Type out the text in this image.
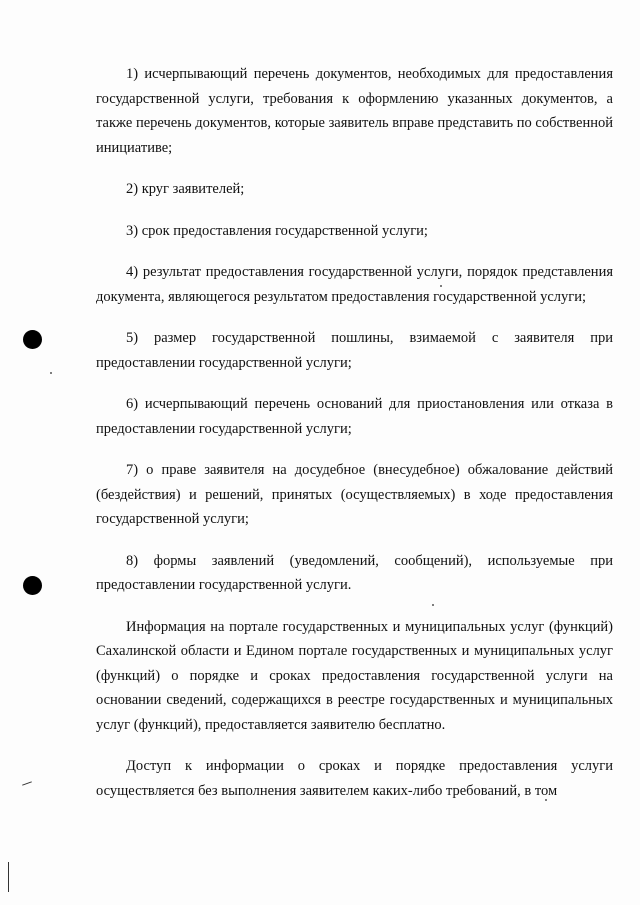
1) исчерпывающий перечень документов, необходимых для предоставления государственной услуги, требования к оформлению указанных документов, а также перечень документов, которые заявитель вправе представить по собственной инициативе;

2) круг заявителей;

3) срок предоставления государственной услуги;

4) результат предоставления государственной услуги, порядок представления документа, являющегося результатом предоставления государственной услуги;

5) размер государственной пошлины, взимаемой с заявителя при предоставлении государственной услуги;

6) исчерпывающий перечень оснований для приостановления или отказа в предоставлении государственной услуги;

7) о праве заявителя на досудебное (внесудебное) обжалование действий (бездействия) и решений, принятых (осуществляемых) в ходе предоставления государственной услуги;

8) формы заявлений (уведомлений, сообщений), используемые при предоставлении государственной услуги.

Информация на портале государственных и муниципальных услуг (функций) Сахалинской области и Едином портале государственных и муниципальных услуг (функций) о порядке и сроках предоставления государственной услуги на основании сведений, содержащихся в реестре государственных и муниципальных услуг (функций), предоставляется заявителю бесплатно.

Доступ к информации о сроках и порядке предоставления услуги осуществляется без выполнения заявителем каких-либо требований, в том
